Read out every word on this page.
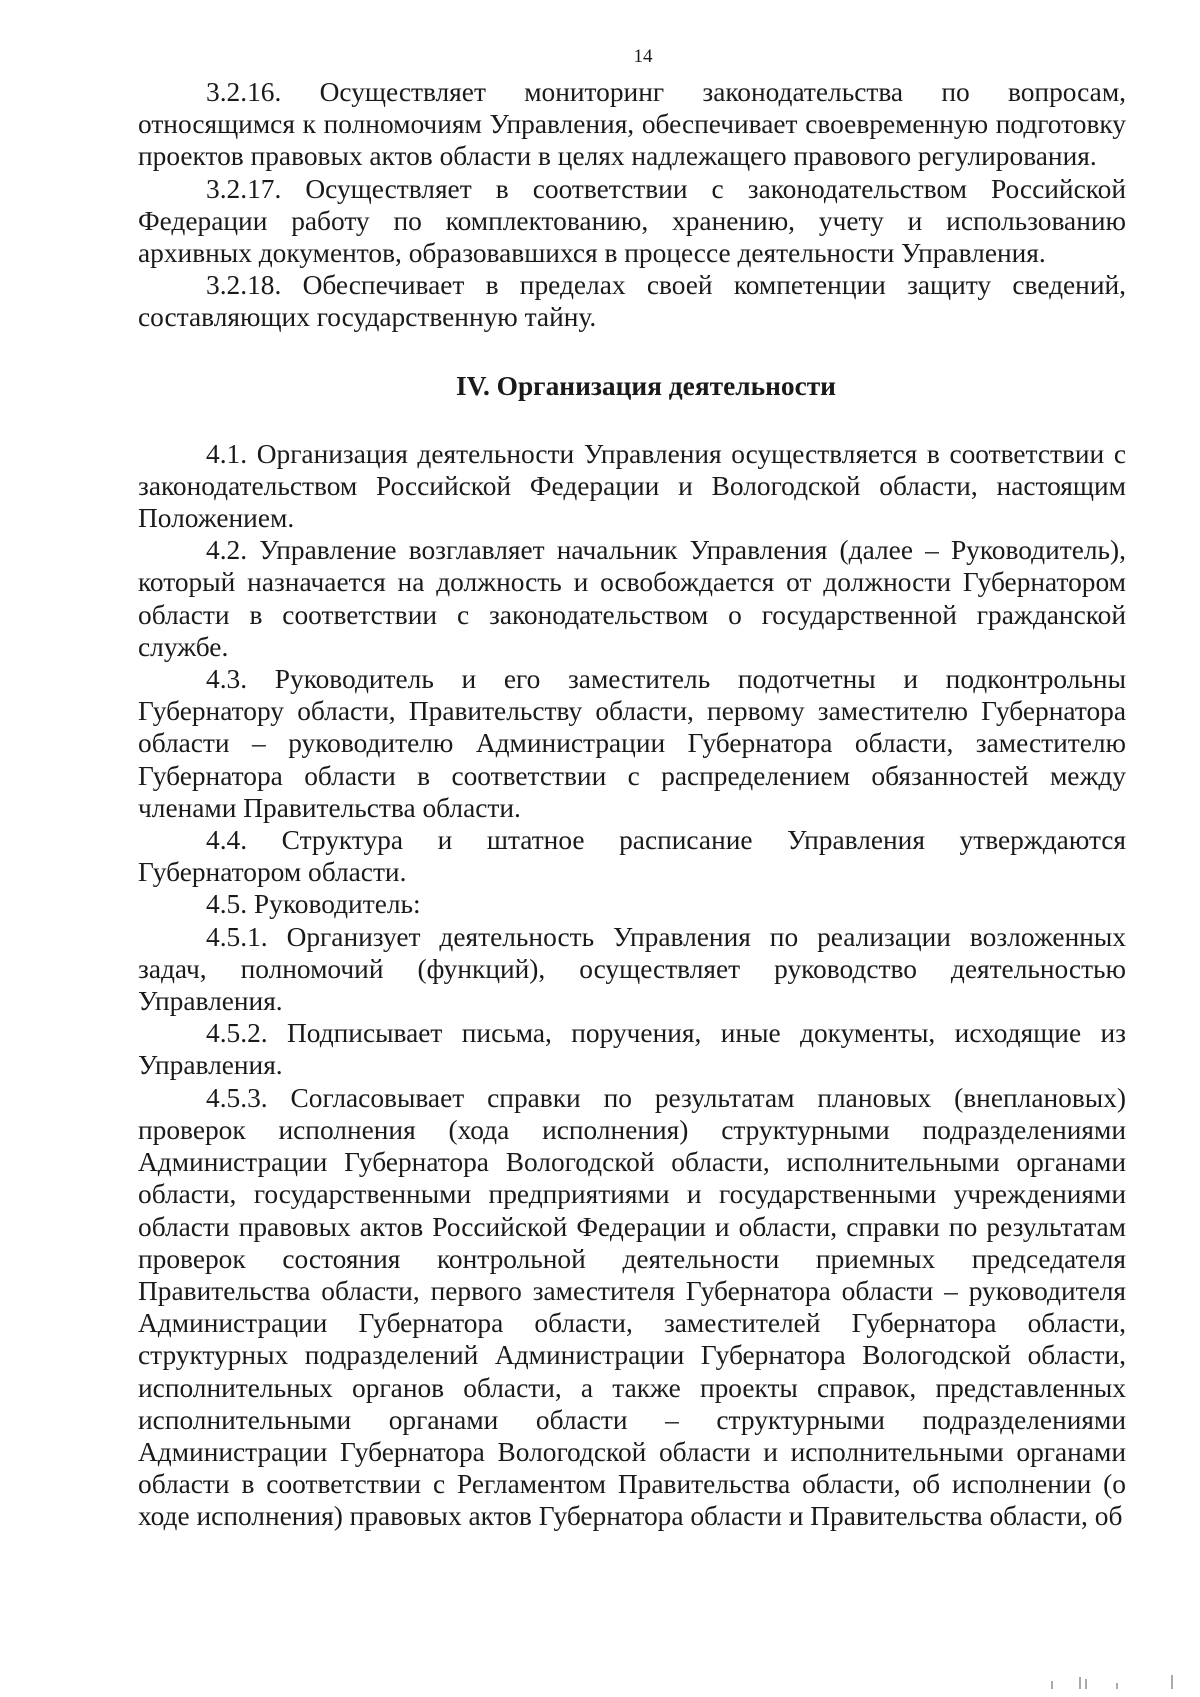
14

3.2.16. Осуществляет мониторинг законодательства по вопросам, относящимся к полномочиям Управления, обеспечивает своевременную подготовку проектов правовых актов области в целях надлежащего правового регулирования.

3.2.17. Осуществляет в соответствии с законодательством Российской Федерации работу по комплектованию, хранению, учету и использованию архивных документов, образовавшихся в процессе деятельности Управления.

3.2.18. Обеспечивает в пределах своей компетенции защиту сведений, составляющих государственную тайну.

IV. Организация деятельности

4.1. Организация деятельности Управления осуществляется в соответствии с законодательством Российской Федерации и Вологодской области, настоящим Положением.

4.2. Управление возглавляет начальник Управления (далее – Руководитель), который назначается на должность и освобождается от должности Губернатором области в соответствии с законодательством о государственной гражданской службе.

4.3. Руководитель и его заместитель подотчетны и подконтрольны Губернатору области, Правительству области, первому заместителю Губернатора области – руководителю Администрации Губернатора области, заместителю Губернатора области в соответствии с распределением обязанностей между членами Правительства области.

4.4. Структура и штатное расписание Управления утверждаются Губернатором области.

4.5. Руководитель:

4.5.1. Организует деятельность Управления по реализации возложенных задач, полномочий (функций), осуществляет руководство деятельностью Управления.

4.5.2. Подписывает письма, поручения, иные документы, исходящие из Управления.

4.5.3. Согласовывает справки по результатам плановых (внеплановых) проверок исполнения (хода исполнения) структурными подразделениями Администрации Губернатора Вологодской области, исполнительными органами области, государственными предприятиями и государственными учреждениями области правовых актов Российской Федерации и области, справки по результатам проверок состояния контрольной деятельности приемных председателя Правительства области, первого заместителя Губернатора области – руководителя Администрации Губернатора области, заместителей Губернатора области, структурных подразделений Администрации Губернатора Вологодской области, исполнительных органов области, а также проекты справок, представленных исполнительными органами области – структурными подразделениями Администрации Губернатора Вологодской области и исполнительными органами области в соответствии с Регламентом Правительства области, об исполнении (о ходе исполнения) правовых актов Губернатора области и Правительства области, об
